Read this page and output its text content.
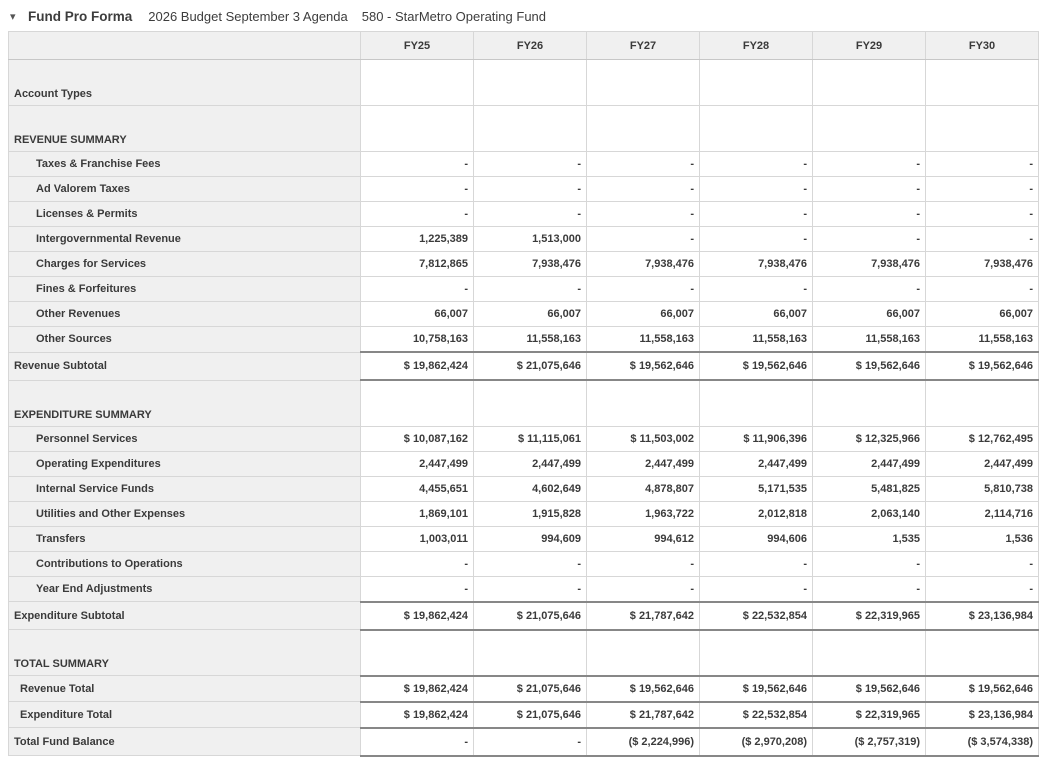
▾ Fund Pro Forma 2026 Budget September 3 Agenda 580 - StarMetro Operating Fund
	FY25	FY26	FY27	FY28	FY29	FY30
Account Types						
REVENUE SUMMARY						
Taxes & Franchise Fees	-	-	-	-	-	-
Ad Valorem Taxes	-	-	-	-	-	-
Licenses & Permits	-	-	-	-	-	-
Intergovernmental Revenue	1,225,389	1,513,000	-	-	-	-
Charges for Services	7,812,865	7,938,476	7,938,476	7,938,476	7,938,476	7,938,476
Fines & Forfeitures	-	-	-	-	-	-
Other Revenues	66,007	66,007	66,007	66,007	66,007	66,007
Other Sources	10,758,163	11,558,163	11,558,163	11,558,163	11,558,163	11,558,163
Revenue Subtotal	$ 19,862,424	$ 21,075,646	$ 19,562,646	$ 19,562,646	$ 19,562,646	$ 19,562,646
EXPENDITURE SUMMARY						
Personnel Services	$ 10,087,162	$ 11,115,061	$ 11,503,002	$ 11,906,396	$ 12,325,966	$ 12,762,495
Operating Expenditures	2,447,499	2,447,499	2,447,499	2,447,499	2,447,499	2,447,499
Internal Service Funds	4,455,651	4,602,649	4,878,807	5,171,535	5,481,825	5,810,738
Utilities and Other Expenses	1,869,101	1,915,828	1,963,722	2,012,818	2,063,140	2,114,716
Transfers	1,003,011	994,609	994,612	994,606	1,535	1,536
Contributions to Operations	-	-	-	-	-	-
Year End Adjustments	-	-	-	-	-	-
Expenditure Subtotal	$ 19,862,424	$ 21,075,646	$ 21,787,642	$ 22,532,854	$ 22,319,965	$ 23,136,984
TOTAL SUMMARY						
Revenue Total	$ 19,862,424	$ 21,075,646	$ 19,562,646	$ 19,562,646	$ 19,562,646	$ 19,562,646
Expenditure Total	$ 19,862,424	$ 21,075,646	$ 21,787,642	$ 22,532,854	$ 22,319,965	$ 23,136,984
Total Fund Balance	-	-	($ 2,224,996)	($ 2,970,208)	($ 2,757,319)	($ 3,574,338)
